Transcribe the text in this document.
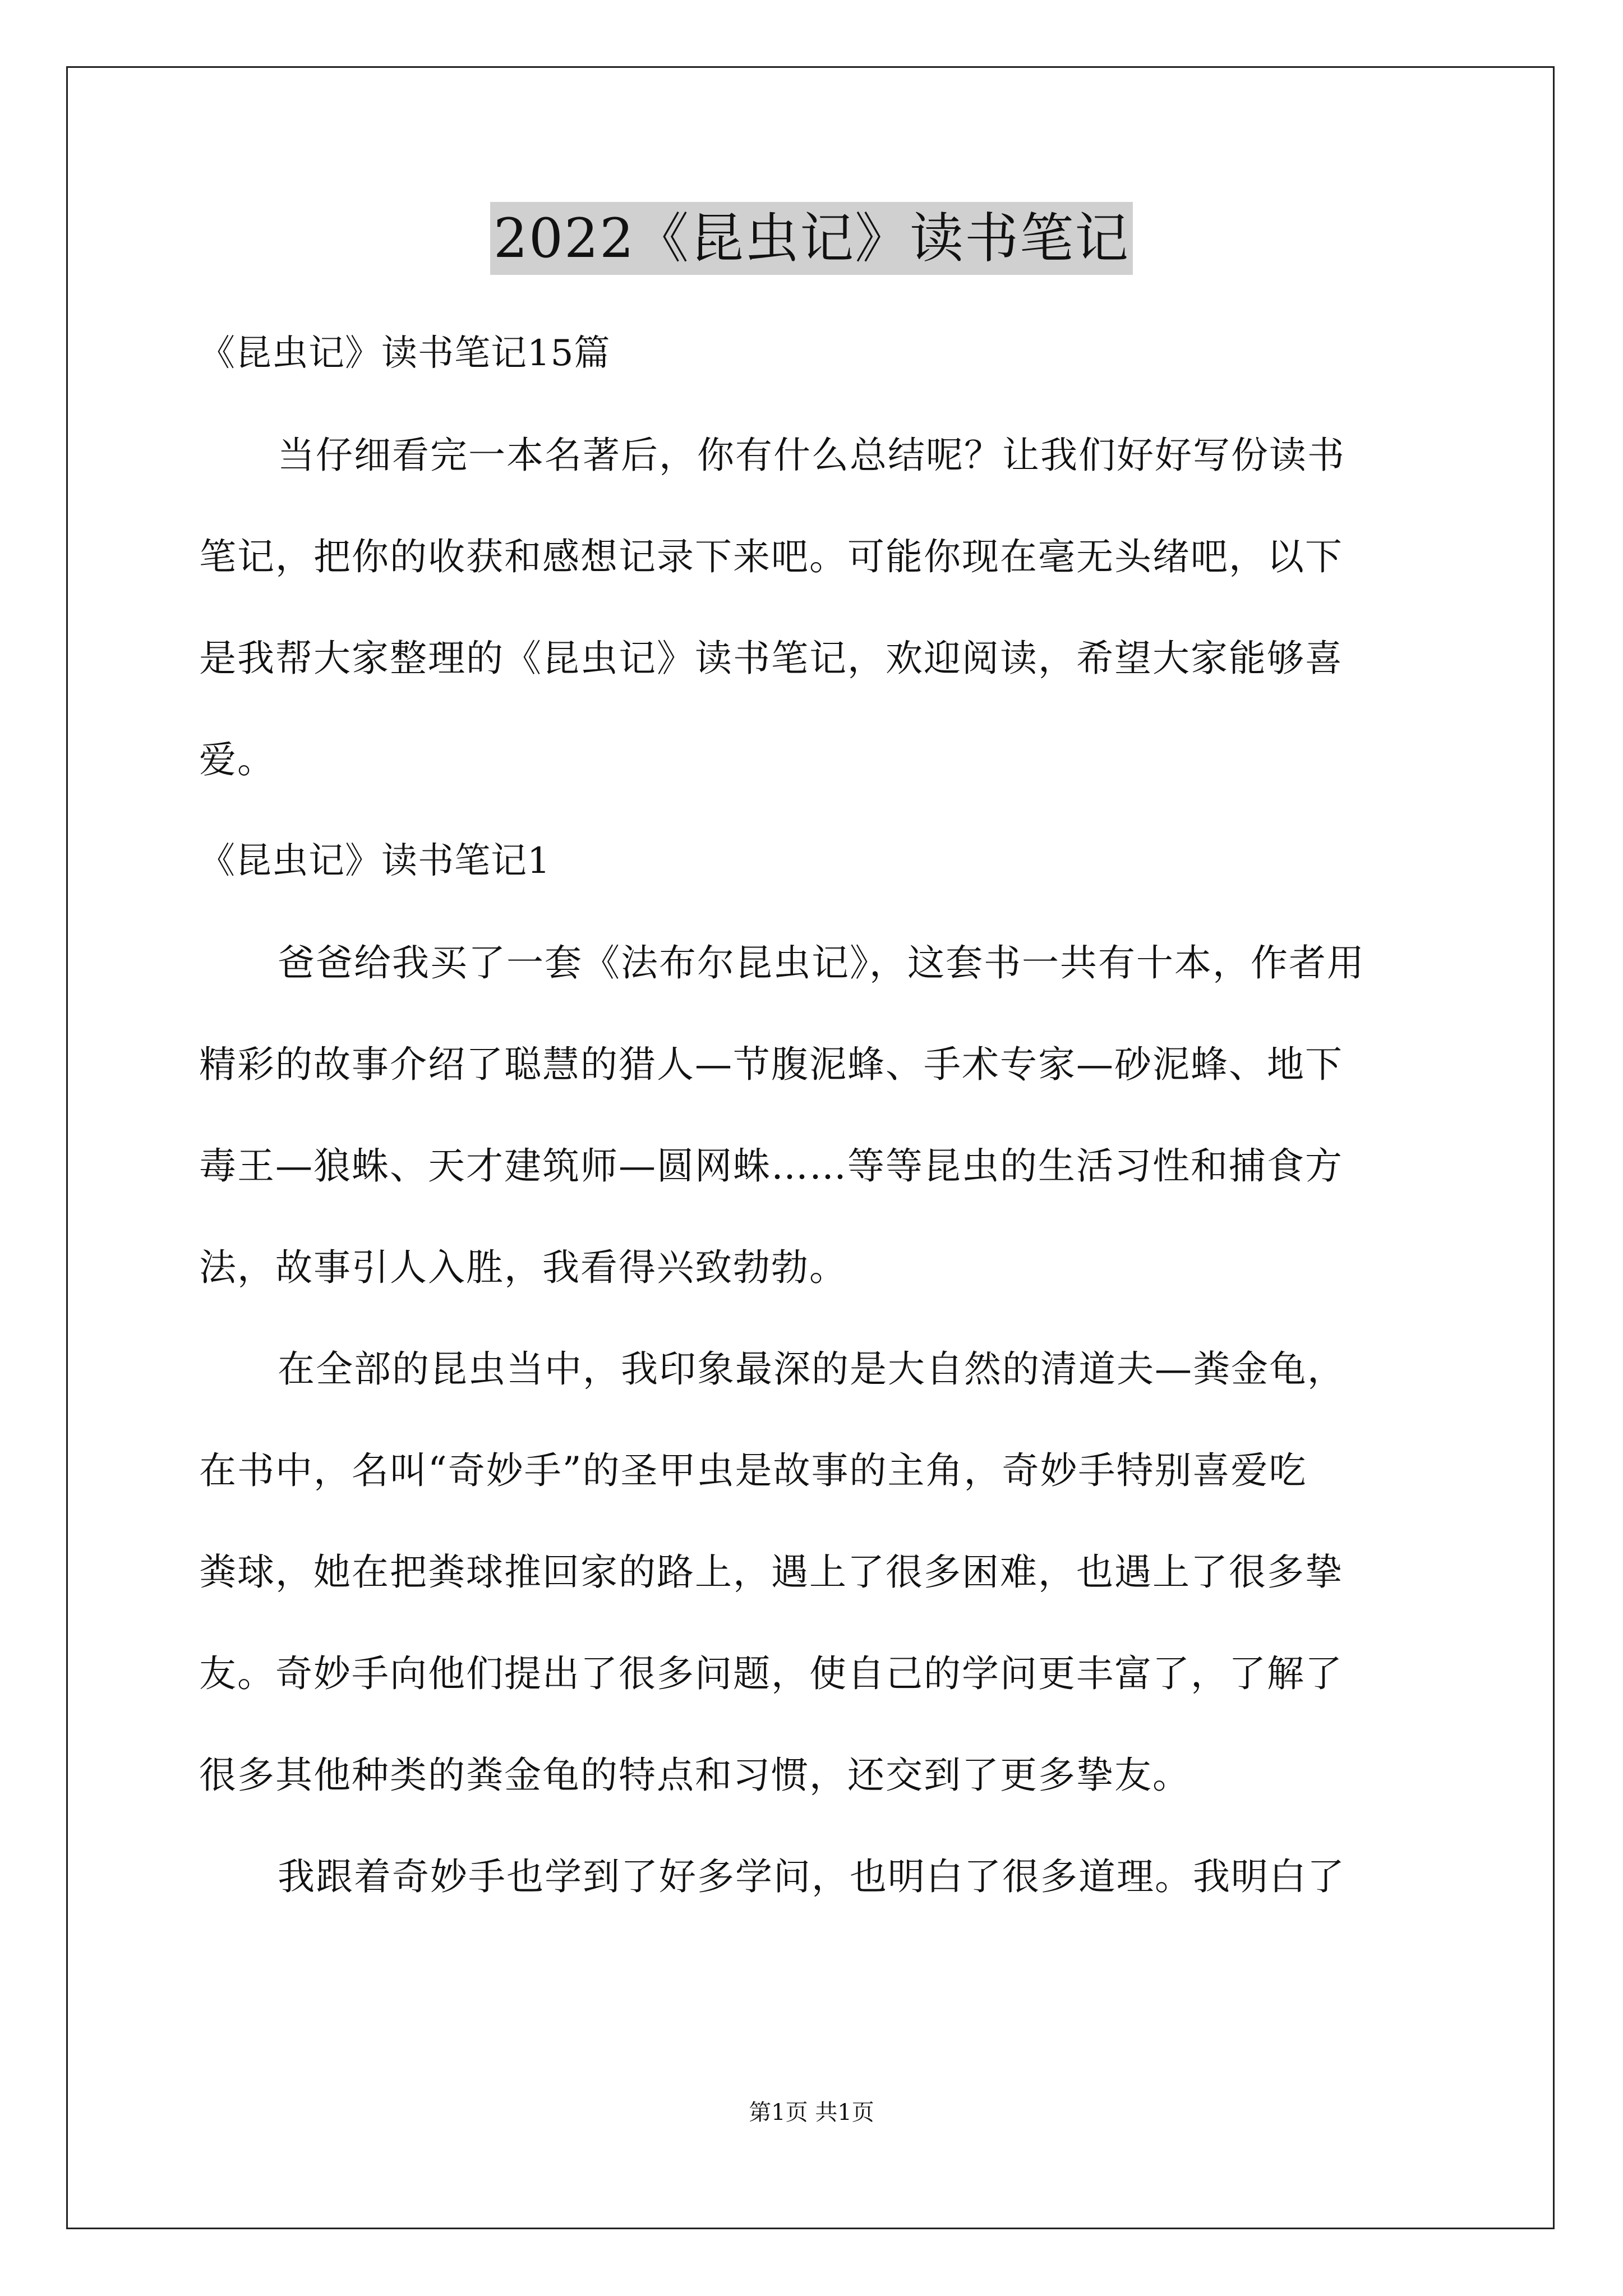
2022《昆虫记》读书笔记
《昆虫记》读书笔记15篇
当仔细看完一本名著后，你有什么总结呢？让我们好好写份读书
笔记，把你的收获和感想记录下来吧。可能你现在毫无头绪吧，以下
是我帮大家整理的《昆虫记》读书笔记，欢迎阅读，希望大家能够喜
爱。
《昆虫记》读书笔记1
爸爸给我买了一套《法布尔昆虫记》，这套书一共有十本，作者用
精彩的故事介绍了聪慧的猎人—节腹泥蜂、手术专家—砂泥蜂、地下
毒王—狼蛛、天才建筑师—圆网蛛……等等昆虫的生活习性和捕食方
法，故事引人入胜，我看得兴致勃勃。
在全部的昆虫当中，我印象最深的是大自然的清道夫—粪金龟，
在书中，名叫“奇妙手”的圣甲虫是故事的主角，奇妙手特别喜爱吃
粪球，她在把粪球推回家的路上，遇上了很多困难，也遇上了很多挚
友。奇妙手向他们提出了很多问题，使自己的学问更丰富了，了解了
很多其他种类的粪金龟的特点和习惯，还交到了更多挚友。
我跟着奇妙手也学到了好多学问，也明白了很多道理。我明白了
第1页 共1页
